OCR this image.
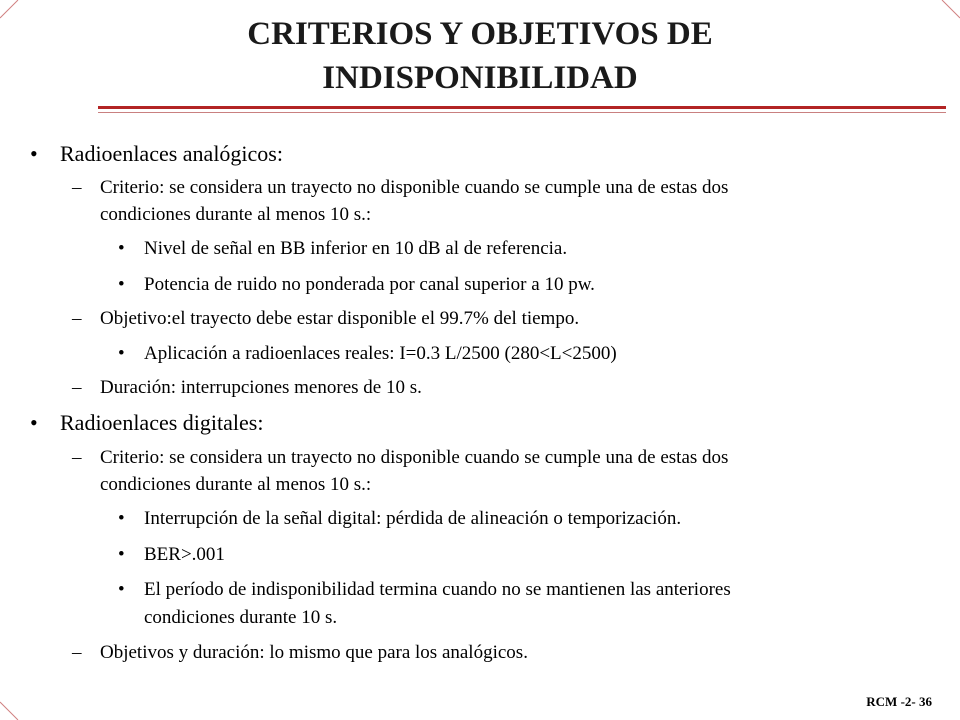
CRITERIOS Y OBJETIVOS DE
INDISPONIBILIDAD
• Radioenlaces analógicos:
– Criterio: se considera un trayecto no disponible cuando se cumple una de estas dos
condiciones durante al menos 10 s.:
• Nivel de señal en BB inferior en 10 dB al de referencia.
• Potencia de ruido no ponderada por canal superior a 10 pw.
– Objetivo:el trayecto debe estar disponible el 99.7% del tiempo.
• Aplicación a radioenlaces reales: I=0.3 L/2500 (280<L<2500)
– Duración: interrupciones menores de 10 s.
• Radioenlaces digitales:
– Criterio: se considera un trayecto no disponible cuando se cumple una de estas dos
condiciones durante al menos 10 s.:
• Interrupción de la señal digital: pérdida de alineación o temporización.
• BER>.001
• El período de indisponibilidad termina cuando no se mantienen las anteriores
condiciones durante 10 s.
– Objetivos y duración: lo mismo que para los analógicos.
RCM -2- 36
